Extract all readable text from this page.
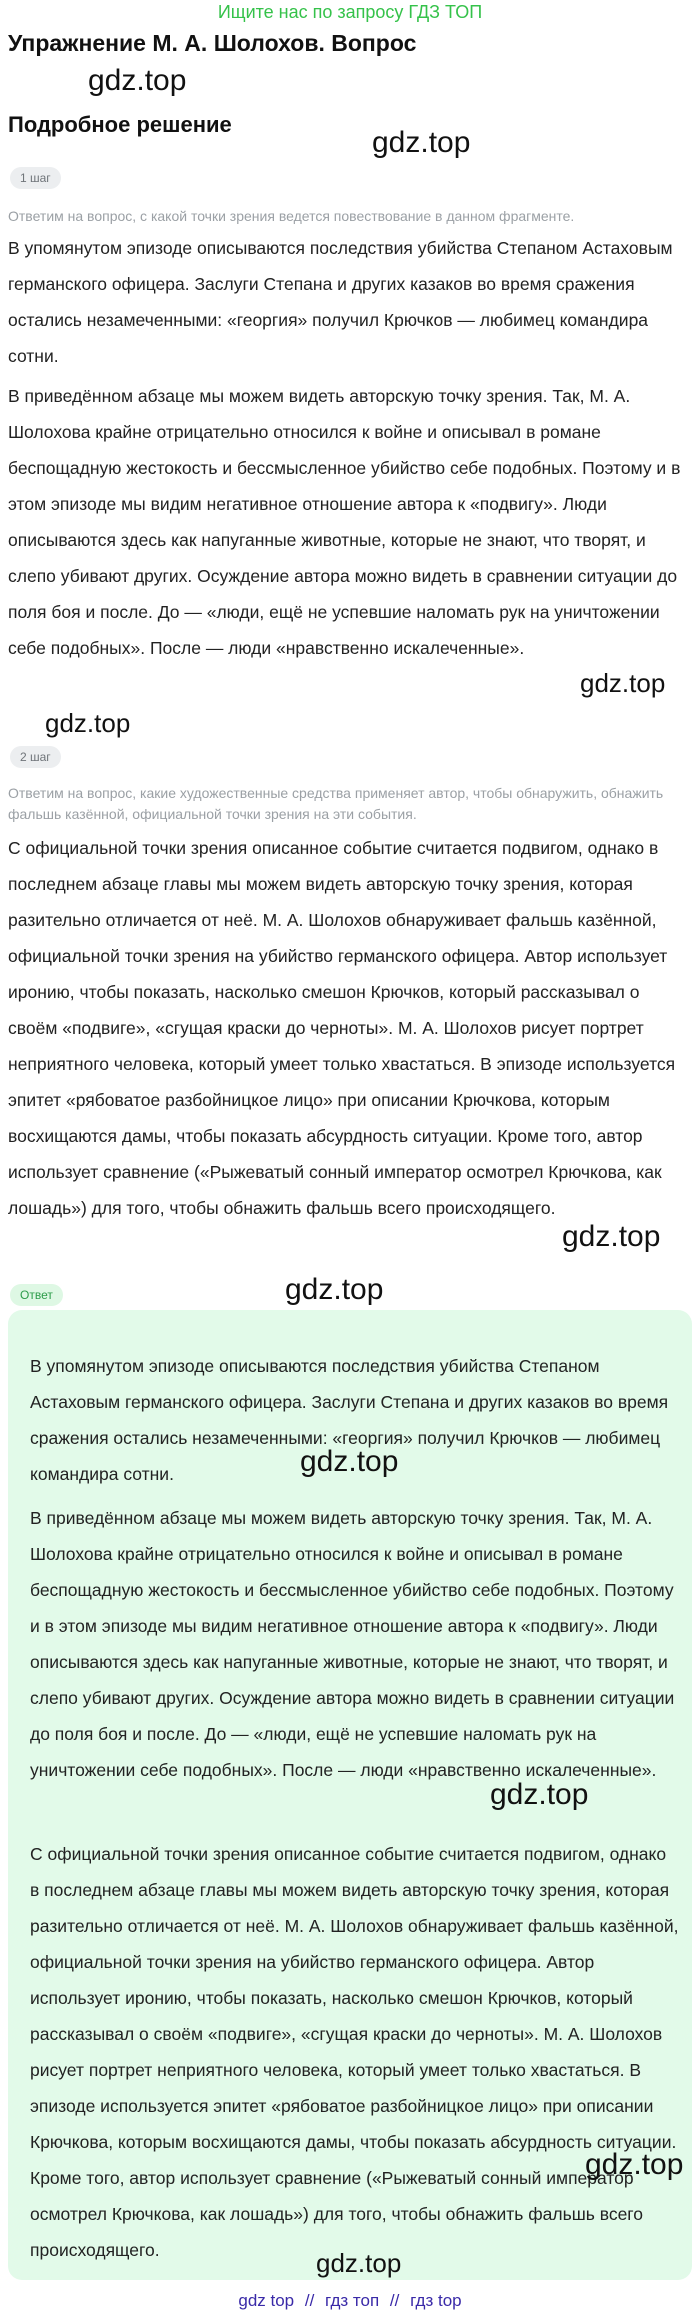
Ищите нас по запросу ГДЗ ТОП
Упражнение М. А. Шолохов. Вопрос
gdz.top
Подробное решение
gdz.top
1 шаг
Ответим на вопрос, с какой точки зрения ведется повествование в данном фрагменте.

В упомянутом эпизоде описываются последствия убийства Степаном Астаховым германского офицера. Заслуги Степана и других казаков во время сражения остались незамеченными: «георгия» получил Крючков — любимец командира сотни.

В приведённом абзаце мы можем видеть авторскую точку зрения. Так, М. А. Шолохова крайне отрицательно относился к войне и описывал в романе беспощадную жестокость и бессмысленное убийство себе подобных. Поэтому и в этом эпизоде мы видим негативное отношение автора к «подвигу». Люди описываются здесь как напуганные животные, которые не знают, что творят, и слепо убивают других. Осуждение автора можно видеть в сравнении ситуации до поля боя и после. До — «люди, ещё не успевшие наломать рук на уничтожении себе подобных». После — люди «нравственно искалеченные».

gdz.top
gdz.top
2 шаг
Ответим на вопрос, какие художественные средства применяет автор, чтобы обнаружить, обнажить фальшь казённой, официальной точки зрения на эти события.

С официальной точки зрения описанное событие считается подвигом, однако в последнем абзаце главы мы можем видеть авторскую точку зрения, которая разительно отличается от неё. М. А. Шолохов обнаруживает фальшь казённой, официальной точки зрения на убийство германского офицера. Автор использует иронию, чтобы показать, насколько смешон Крючков, который рассказывал о своём «подвиге», «сгущая краски до черноты». М. А. Шолохов рисует портрет неприятного человека, который умеет только хвастаться. В эпизоде используется эпитет «рябоватое разбойницкое лицо» при описании Крючкова, которым восхищаются дамы, чтобы показать абсурдность ситуации. Кроме того, автор использует сравнение («Рыжеватый сонный император осмотрел Крючкова, как лошадь») для того, чтобы обнажить фальшь всего происходящего.

gdz.top
Ответ	gdz.top

В упомянутом эпизоде описываются последствия убийства Степаном Астаховым германского офицера. Заслуги Степана и других казаков во время сражения остались незамеченными: «георгия» получил Крючков — любимец командира сотни.	gdz.top

В приведённом абзаце мы можем видеть авторскую точку зрения. Так, М. А. Шолохова крайне отрицательно относился к войне и описывал в романе беспощадную жестокость и бессмысленное убийство себе подобных. Поэтому и в этом эпизоде мы видим негативное отношение автора к «подвигу». Люди описываются здесь как напуганные животные, которые не знают, что творят, и слепо убивают других. Осуждение автора можно видеть в сравнении ситуации до поля боя и после. До — «люди, ещё не успевшие наломать рук на уничтожении себе подобных». После — люди «нравственно искалеченные».

gdz.top

С официальной точки зрения описанное событие считается подвигом, однако в последнем абзаце главы мы можем видеть авторскую точку зрения, которая разительно отличается от неё. М. А. Шолохов обнаруживает фальшь казённой, официальной точки зрения на убийство германского офицера. Автор использует иронию, чтобы показать, насколько смешон Крючков, который рассказывал о своём «подвиге», «сгущая краски до черноты». М. А. Шолохов рисует портрет неприятного человека, который умеет только хвастаться. В эпизоде используется эпитет «рябоватое разбойницкое лицо» при описании Крючкова, которым восхищаются дамы, чтобы показать абсурдность ситуации. Кроме того, автор использует сравнение («Рыжеватый сонный император осмотрел Крючкова, как лошадь») для того, чтобы обнажить фальшь всего происходящего.

gdz.top
gdz.top
gdz top // гдз топ // гдз top
